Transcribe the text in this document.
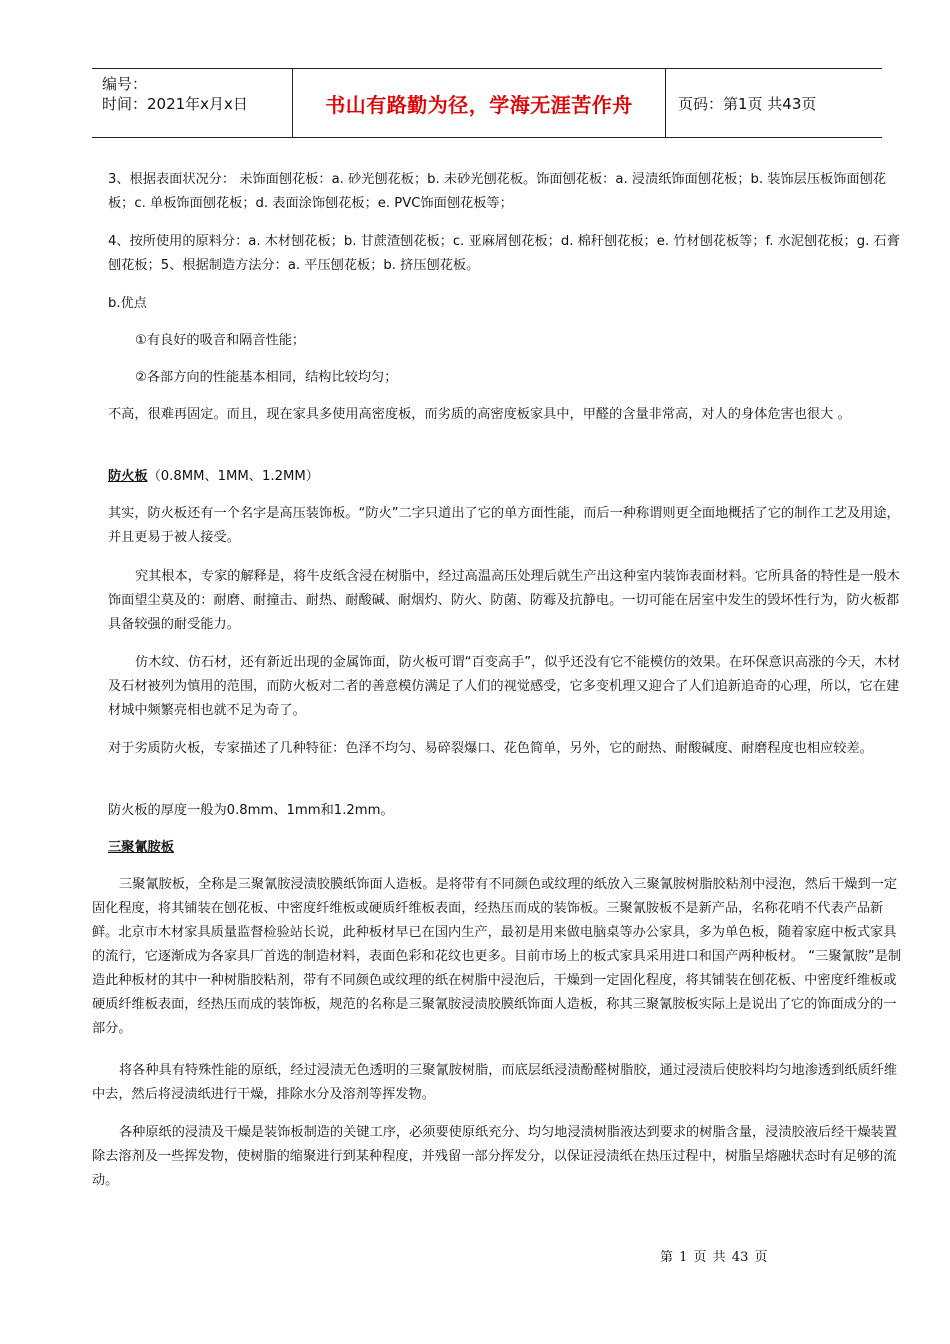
编号：
时间：2021年x月x日	书山有路勤为径，学海无涯苦作舟	页码：第1页 共43页

3、根据表面状况分： 未饰面刨花板：a. 砂光刨花板；b. 未砂光刨花板。饰面刨花板：a. 浸渍纸饰面刨花板；b. 装饰层压板饰面刨花板；c. 单板饰面刨花板；d. 表面涂饰刨花板；e. PVC饰面刨花板等；

4、按所使用的原料分：a. 木材刨花板；b. 甘蔗渣刨花板；c. 亚麻屑刨花板；d. 棉秆刨花板；e. 竹材刨花板等；f. 水泥刨花板；g. 石膏刨花板；5、根据制造方法分：a. 平压刨花板；b. 挤压刨花板。

b.优点

①有良好的吸音和隔音性能；

②各部方向的性能基本相同，结构比较均匀；

不高，很难再固定。而且，现在家具多使用高密度板，而劣质的高密度板家具中，甲醛的含量非常高，对人的身体危害也很大 。

防火板（0.8MM、1MM、1.2MM）

其实，防火板还有一个名字是高压装饰板。“防火”二字只道出了它的单方面性能，而后一种称谓则更全面地概括了它的制作工艺及用途，并且更易于被人接受。

究其根本，专家的解释是，将牛皮纸含浸在树脂中，经过高温高压处理后就生产出这种室内装饰表面材料。它所具备的特性是一般木饰面望尘莫及的：耐磨、耐撞击、耐热、耐酸碱、耐烟灼、防火、防菌、防霉及抗静电。一切可能在居室中发生的毁坏性行为，防火板都具备较强的耐受能力。

仿木纹、仿石材，还有新近出现的金属饰面，防火板可谓“百变高手”，似乎还没有它不能模仿的效果。在环保意识高涨的今天，木材及石材被列为慎用的范围，而防火板对二者的善意模仿满足了人们的视觉感受，它多变机理又迎合了人们追新追奇的心理，所以，它在建材城中频繁亮相也就不足为奇了。

对于劣质防火板，专家描述了几种特征：色泽不均匀、易碎裂爆口、花色简单，另外，它的耐热、耐酸碱度、耐磨程度也相应较差。

防火板的厚度一般为0.8mm、1mm和1.2mm。

三聚氰胺板

三聚氰胺板，全称是三聚氰胺浸渍胶膜纸饰面人造板。是将带有不同颜色或纹理的纸放入三聚氰胺树脂胶粘剂中浸泡，然后干燥到一定固化程度，将其铺装在刨花板、中密度纤维板或硬质纤维板表面，经热压而成的装饰板。三聚氰胺板不是新产品，名称花哨不代表产品新鲜。北京市木材家具质量监督检验站长说，此种板材早已在国内生产，最初是用来做电脑桌等办公家具，多为单色板，随着家庭中板式家具的流行，它逐渐成为各家具厂首选的制造材料，表面色彩和花纹也更多。目前市场上的板式家具采用进口和国产两种板材。 “三聚氰胺”是制造此种板材的其中一种树脂胶粘剂，带有不同颜色或纹理的纸在树脂中浸泡后，干燥到一定固化程度，将其铺装在刨花板、中密度纤维板或硬质纤维板表面，经热压而成的装饰板，规范的名称是三聚氰胺浸渍胶膜纸饰面人造板，称其三聚氰胺板实际上是说出了它的饰面成分的一部分。

将各种具有特殊性能的原纸，经过浸渍无色透明的三聚氰胺树脂，而底层纸浸渍酚醛树脂胶，通过浸渍后使胶料均匀地渗透到纸质纤维中去，然后将浸渍纸进行干燥，排除水分及溶剂等挥发物。

各种原纸的浸渍及干燥是装饰板制造的关键工序，必须要使原纸充分、均匀地浸渍树脂液达到要求的树脂含量，浸渍胶液后经干燥装置除去溶剂及一些挥发物，使树脂的缩聚进行到某种程度，并残留一部分挥发分，以保证浸渍纸在热压过程中，树脂呈熔融状态时有足够的流动。

第 1 页 共 43 页
